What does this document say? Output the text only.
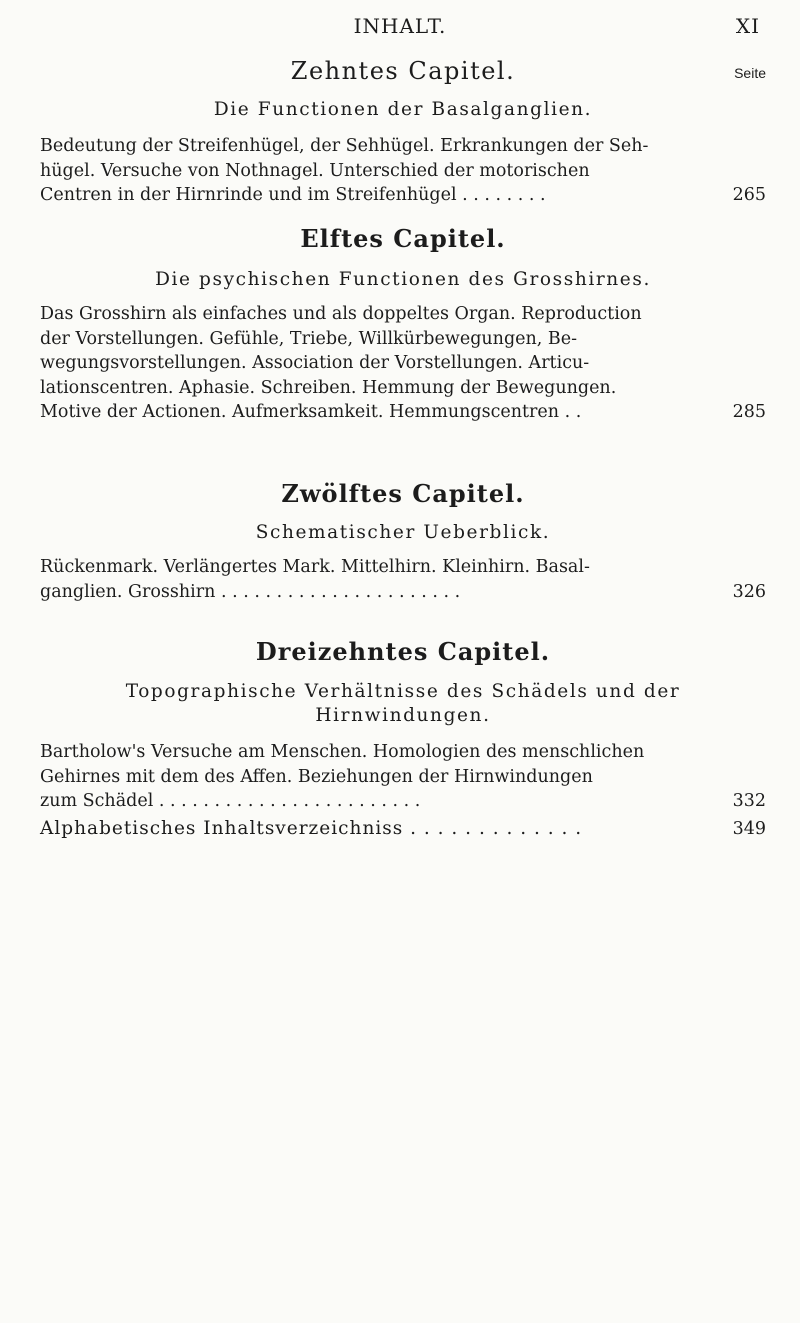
INHALT.	XI
Zehntes Capitel.	Seite

Die Functionen der Basalganglien.

Bedeutung der Streifenhügel, der Sehhügel. Erkrankungen der Seh-
hügel. Versuche von Nothnagel. Unterschied der motorischen
Centren in der Hirnrinde und im Streifenhügel . . . . . . . .	265
Elftes Capitel.

Die psychischen Functionen des Grosshirnes.

Das Grosshirn als einfaches und als doppeltes Organ. Reproduction
der Vorstellungen. Gefühle, Triebe, Willkürbewegungen, Be-
wegungsvorstellungen. Association der Vorstellungen. Articu-
lationscentren. Aphasie. Schreiben. Hemmung der Bewegungen.
Motive der Actionen. Aufmerksamkeit. Hemmungscentren . .	285
Zwölftes Capitel.

Schematischer Ueberblick.

Rückenmark. Verlängertes Mark. Mittelhirn. Kleinhirn. Basal-
ganglien. Grosshirn . . . . . . . . . . . . . . . . . . . . . .	326
Dreizehntes Capitel.

Topographische Verhältnisse des Schädels und der
Hirnwindungen.

Bartholow's Versuche am Menschen. Homologien des menschlichen
Gehirnes mit dem des Affen. Beziehungen der Hirnwindungen
zum Schädel . . . . . . . . . . . . . . . . . . . . . . . .	332
Alphabetisches Inhaltsverzeichniss . . . . . . . . . . . . .	349
